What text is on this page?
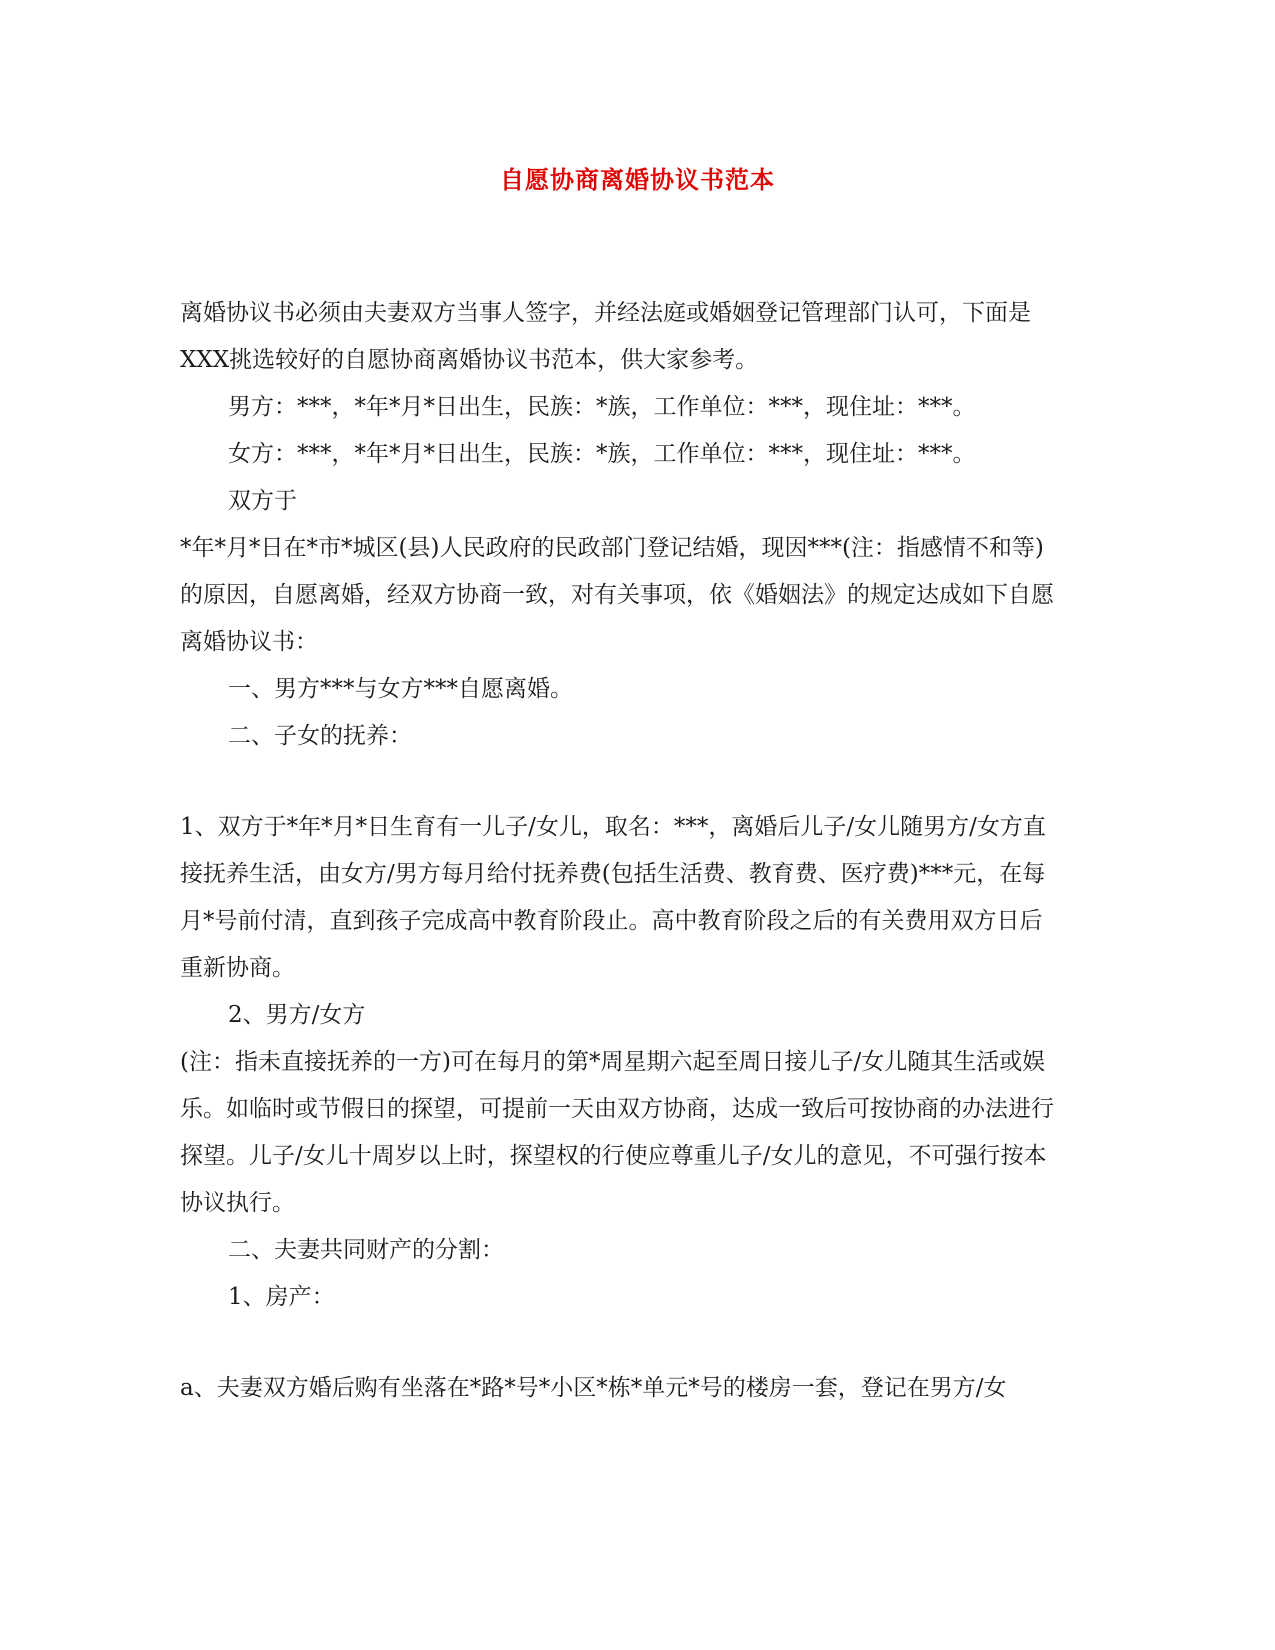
自愿协商离婚协议书范本

离婚协议书必须由夫妻双方当事人签字，并经法庭或婚姻登记管理部门认可，下面是XXX挑选较好的自愿协商离婚协议书范本，供大家参考。

男方：***，*年*月*日出生，民族：*族，工作单位：***，现住址：***。

女方：***，*年*月*日出生，民族：*族，工作单位：***，现住址：***。

双方于

*年*月*日在*市*城区(县)人民政府的民政部门登记结婚，现因***(注：指感情不和等)的原因，自愿离婚，经双方协商一致，对有关事项，依《婚姻法》的规定达成如下自愿离婚协议书：

一、男方***与女方***自愿离婚。

二、子女的抚养：

1、双方于*年*月*日生育有一儿子/女儿，取名：***，离婚后儿子/女儿随男方/女方直接抚养生活，由女方/男方每月给付抚养费(包括生活费、教育费、医疗费)***元，在每月*号前付清，直到孩子完成高中教育阶段止。高中教育阶段之后的有关费用双方日后重新协商。

2、男方/女方

(注：指未直接抚养的一方)可在每月的第*周星期六起至周日接儿子/女儿随其生活或娱乐。如临时或节假日的探望，可提前一天由双方协商，达成一致后可按协商的办法进行探望。儿子/女儿十周岁以上时，探望权的行使应尊重儿子/女儿的意见，不可强行按本协议执行。

二、夫妻共同财产的分割：

1、房产：

a、夫妻双方婚后购有坐落在*路*号*小区*栋*单元*号的楼房一套，登记在男方/女
